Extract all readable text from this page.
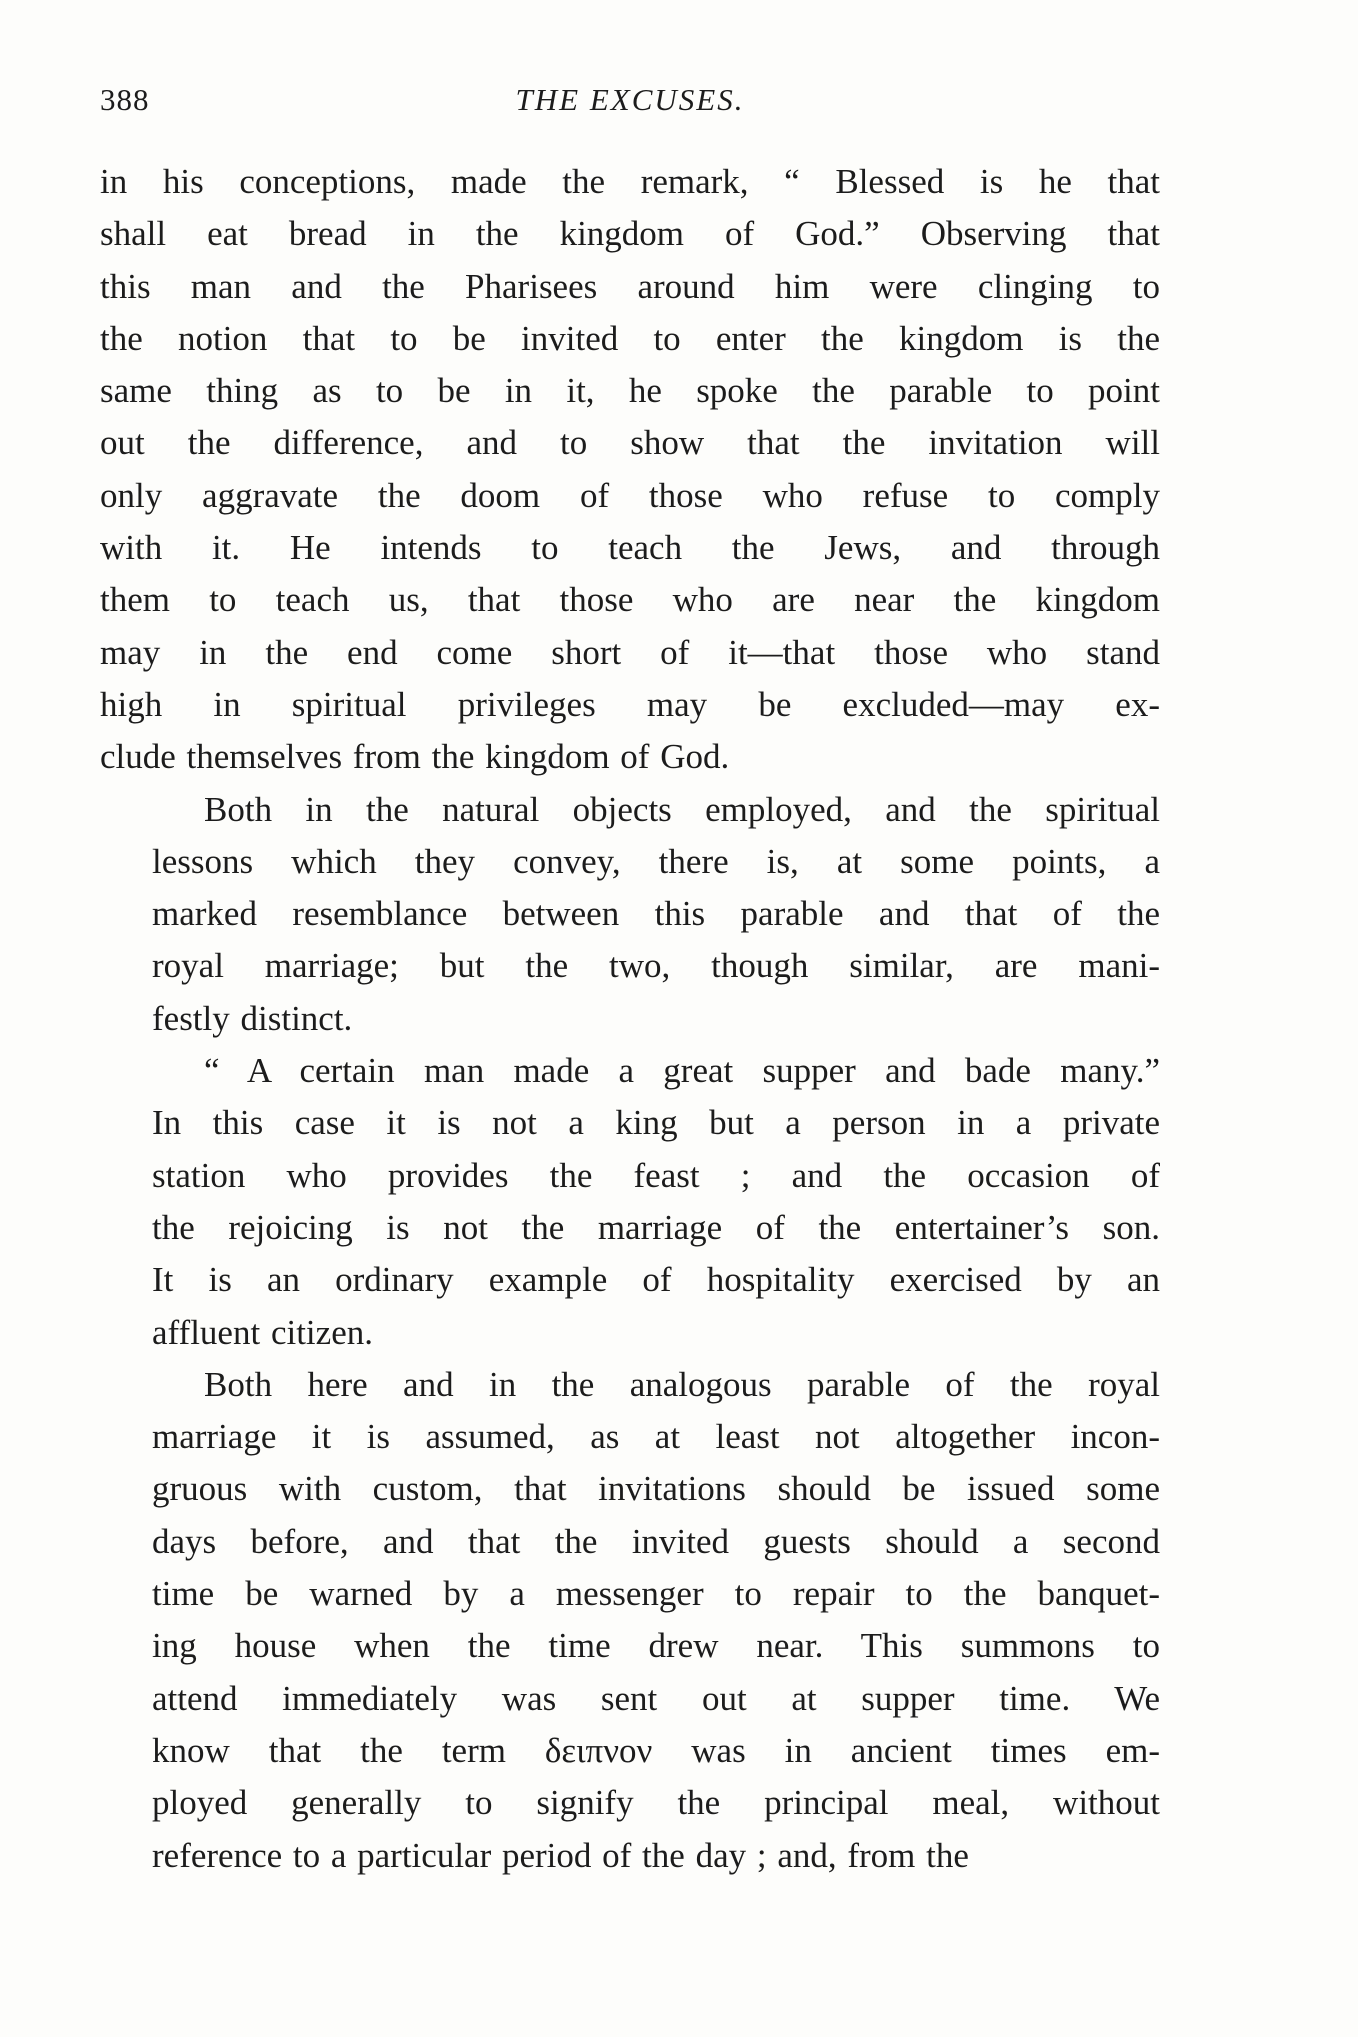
388	THE EXCUSES.
in his conceptions, made the remark, “ Blessed is he that
shall eat bread in the kingdom of God.” Observing that
this man and the Pharisees around him were clinging to
the notion that to be invited to enter the kingdom is the
same thing as to be in it, he spoke the parable to point
out the difference, and to show that the invitation will
only aggravate the doom of those who refuse to comply
with it. He intends to teach the Jews, and through
them to teach us, that those who are near the kingdom
may in the end come short of it—that those who stand
high in spiritual privileges may be excluded—may ex-
clude themselves from the kingdom of God.
Both in the natural objects employed, and the spiritual
lessons which they convey, there is, at some points, a
marked resemblance between this parable and that of the
royal marriage; but the two, though similar, are mani-
festly distinct.
“ A certain man made a great supper and bade many.”
In this case it is not a king but a person in a private
station who provides the feast ; and the occasion of
the rejoicing is not the marriage of the entertainer’s son.
It is an ordinary example of hospitality exercised by an
affluent citizen.
Both here and in the analogous parable of the royal
marriage it is assumed, as at least not altogether incon-
gruous with custom, that invitations should be issued some
days before, and that the invited guests should a second
time be warned by a messenger to repair to the banquet-
ing house when the time drew near. This summons to
attend immediately was sent out at supper time. We
know that the term δειπνον was in ancient times em-
ployed generally to signify the principal meal, without
reference to a particular period of the day ; and, from the
